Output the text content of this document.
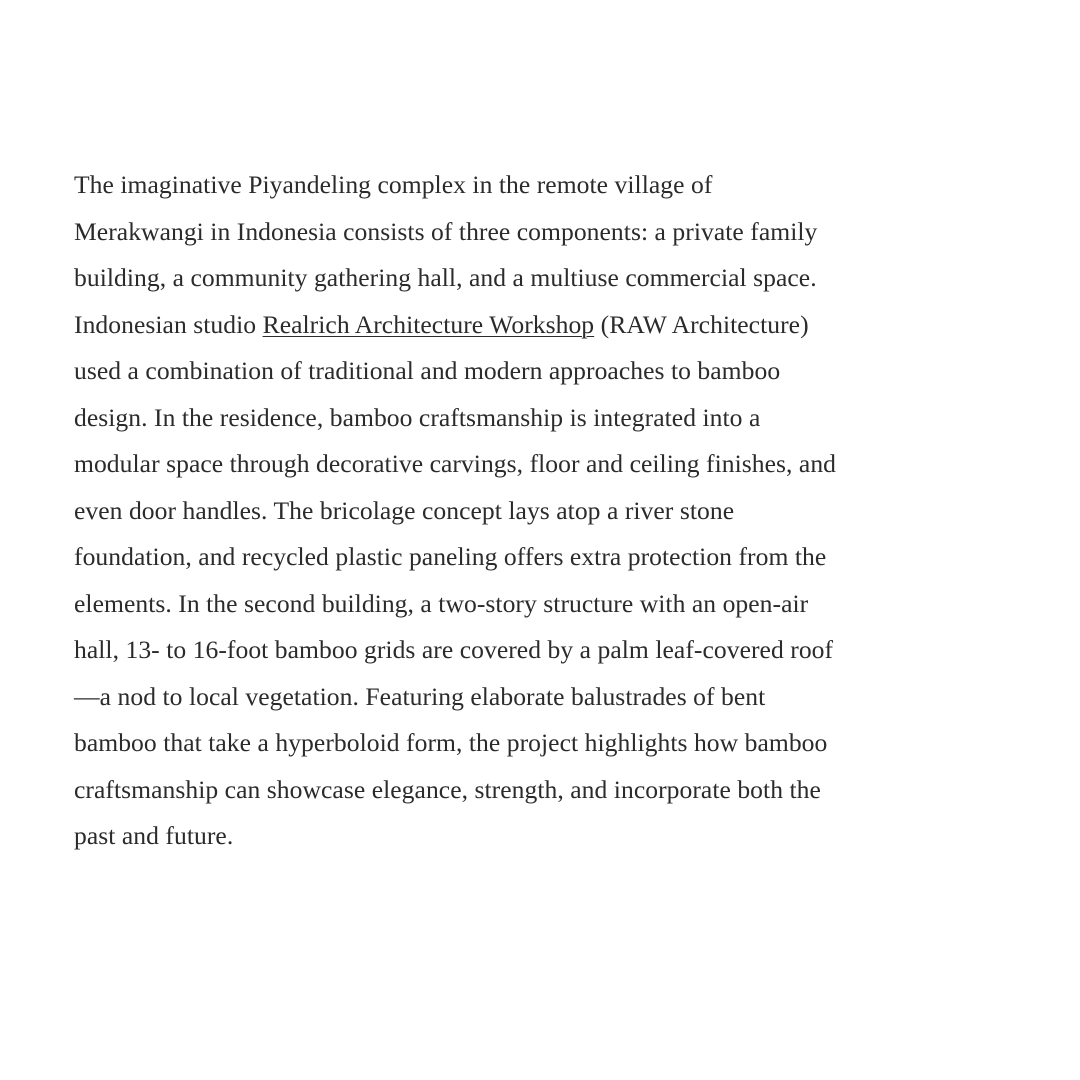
The imaginative Piyandeling complex in the remote village of
Merakwangi in Indonesia consists of three components: a private family
building, a community gathering hall, and a multiuse commercial space.
Indonesian studio Realrich Architecture Workshop (RAW Architecture)
used a combination of traditional and modern approaches to bamboo
design. In the residence, bamboo craftsmanship is integrated into a
modular space through decorative carvings, floor and ceiling finishes, and
even door handles. The bricolage concept lays atop a river stone
foundation, and recycled plastic paneling offers extra protection from the
elements. In the second building, a two-story structure with an open-air
hall, 13- to 16-foot bamboo grids are covered by a palm leaf-covered roof
—a nod to local vegetation. Featuring elaborate balustrades of bent
bamboo that take a hyperboloid form, the project highlights how bamboo
craftsmanship can showcase elegance, strength, and incorporate both the
past and future.
